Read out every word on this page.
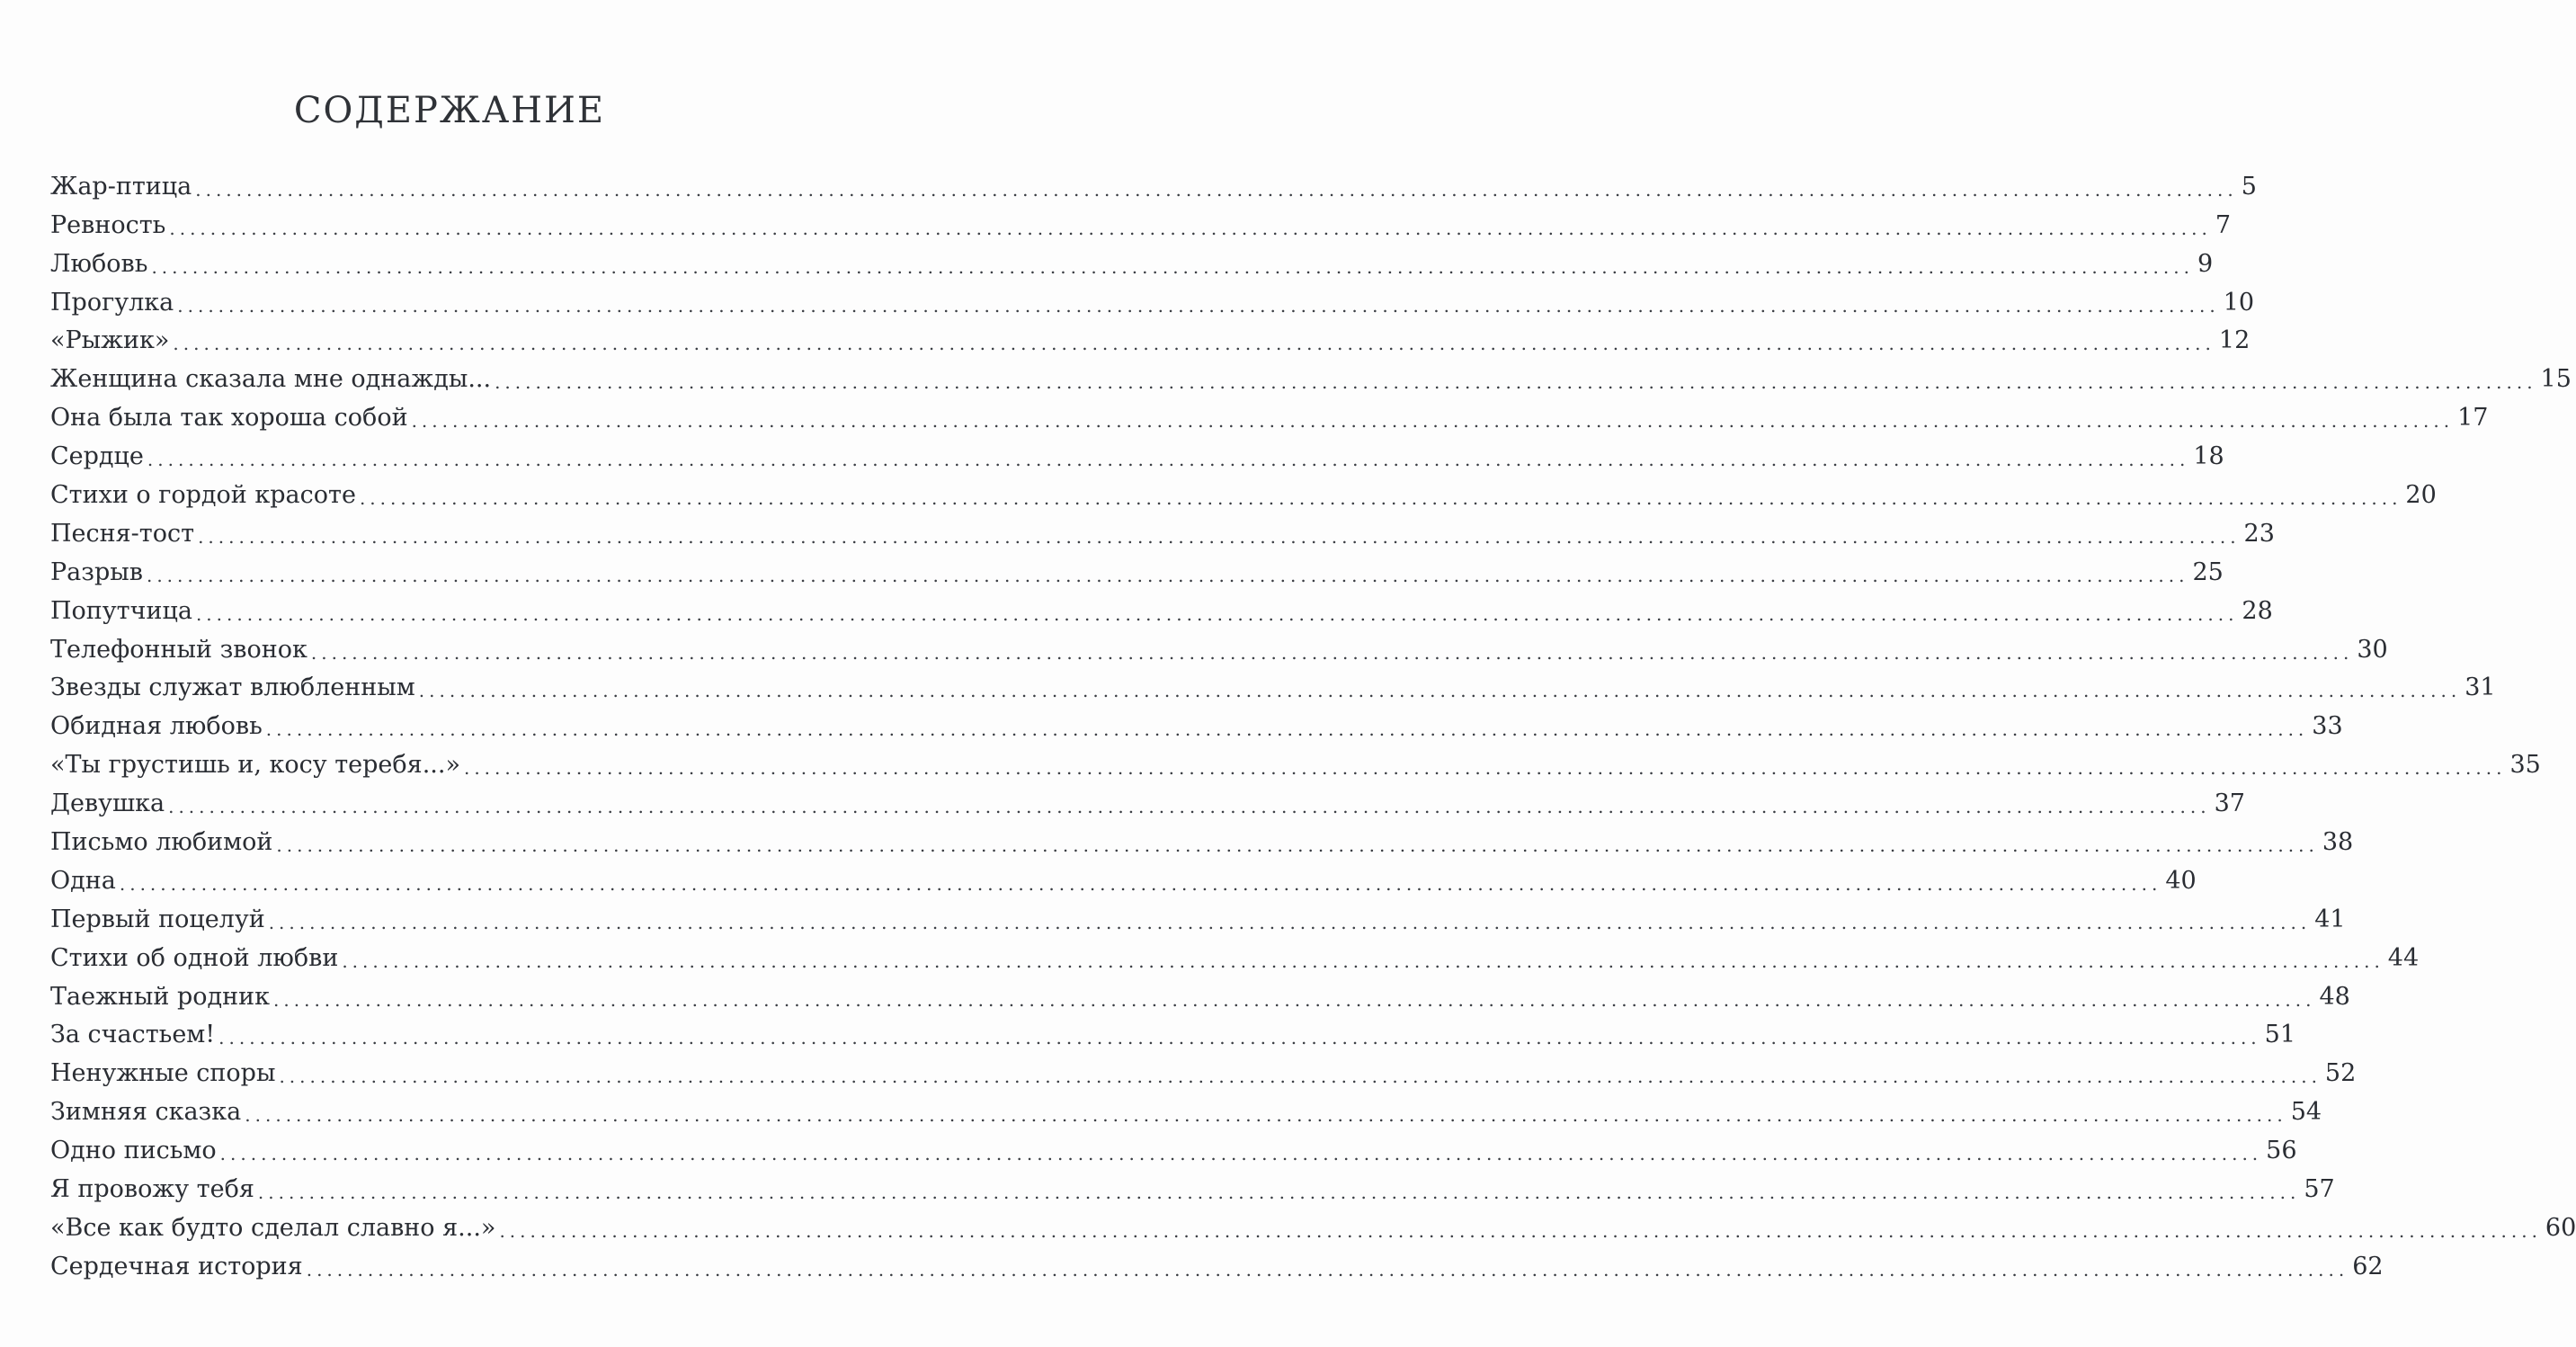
СОДЕРЖАНИЕ
Жар-птица ........................................................................................................................................................................................................ 5
Ревность ........................................................................................................................................................................................................ 7
Любовь ........................................................................................................................................................................................................ 9
Прогулка ........................................................................................................................................................................................................ 10
«Рыжик» ........................................................................................................................................................................................................ 12
Женщина сказала мне однажды... ........................................................................................................................................................................................................ 15
Она была так хороша собой ........................................................................................................................................................................................................ 17
Сердце ........................................................................................................................................................................................................ 18
Стихи о гордой красоте ........................................................................................................................................................................................................ 20
Песня-тост ........................................................................................................................................................................................................ 23
Разрыв ........................................................................................................................................................................................................ 25
Попутчица ........................................................................................................................................................................................................ 28
Телефонный звонок ........................................................................................................................................................................................................ 30
Звезды служат влюбленным ........................................................................................................................................................................................................ 31
Обидная любовь ........................................................................................................................................................................................................ 33
«Ты грустишь и, косу теребя...» ........................................................................................................................................................................................................ 35
Девушка ........................................................................................................................................................................................................ 37
Письмо любимой ........................................................................................................................................................................................................ 38
Одна ........................................................................................................................................................................................................ 40
Первый поцелуй ........................................................................................................................................................................................................ 41
Стихи об одной любви ........................................................................................................................................................................................................ 44
Таежный родник ........................................................................................................................................................................................................ 48
За счастьем! ........................................................................................................................................................................................................ 51
Ненужные споры ........................................................................................................................................................................................................ 52
Зимняя сказка ........................................................................................................................................................................................................ 54
Одно письмо ........................................................................................................................................................................................................ 56
Я провожу тебя ........................................................................................................................................................................................................ 57
«Все как будто сделал славно я...» ........................................................................................................................................................................................................ 60
Сердечная история ........................................................................................................................................................................................................ 62
